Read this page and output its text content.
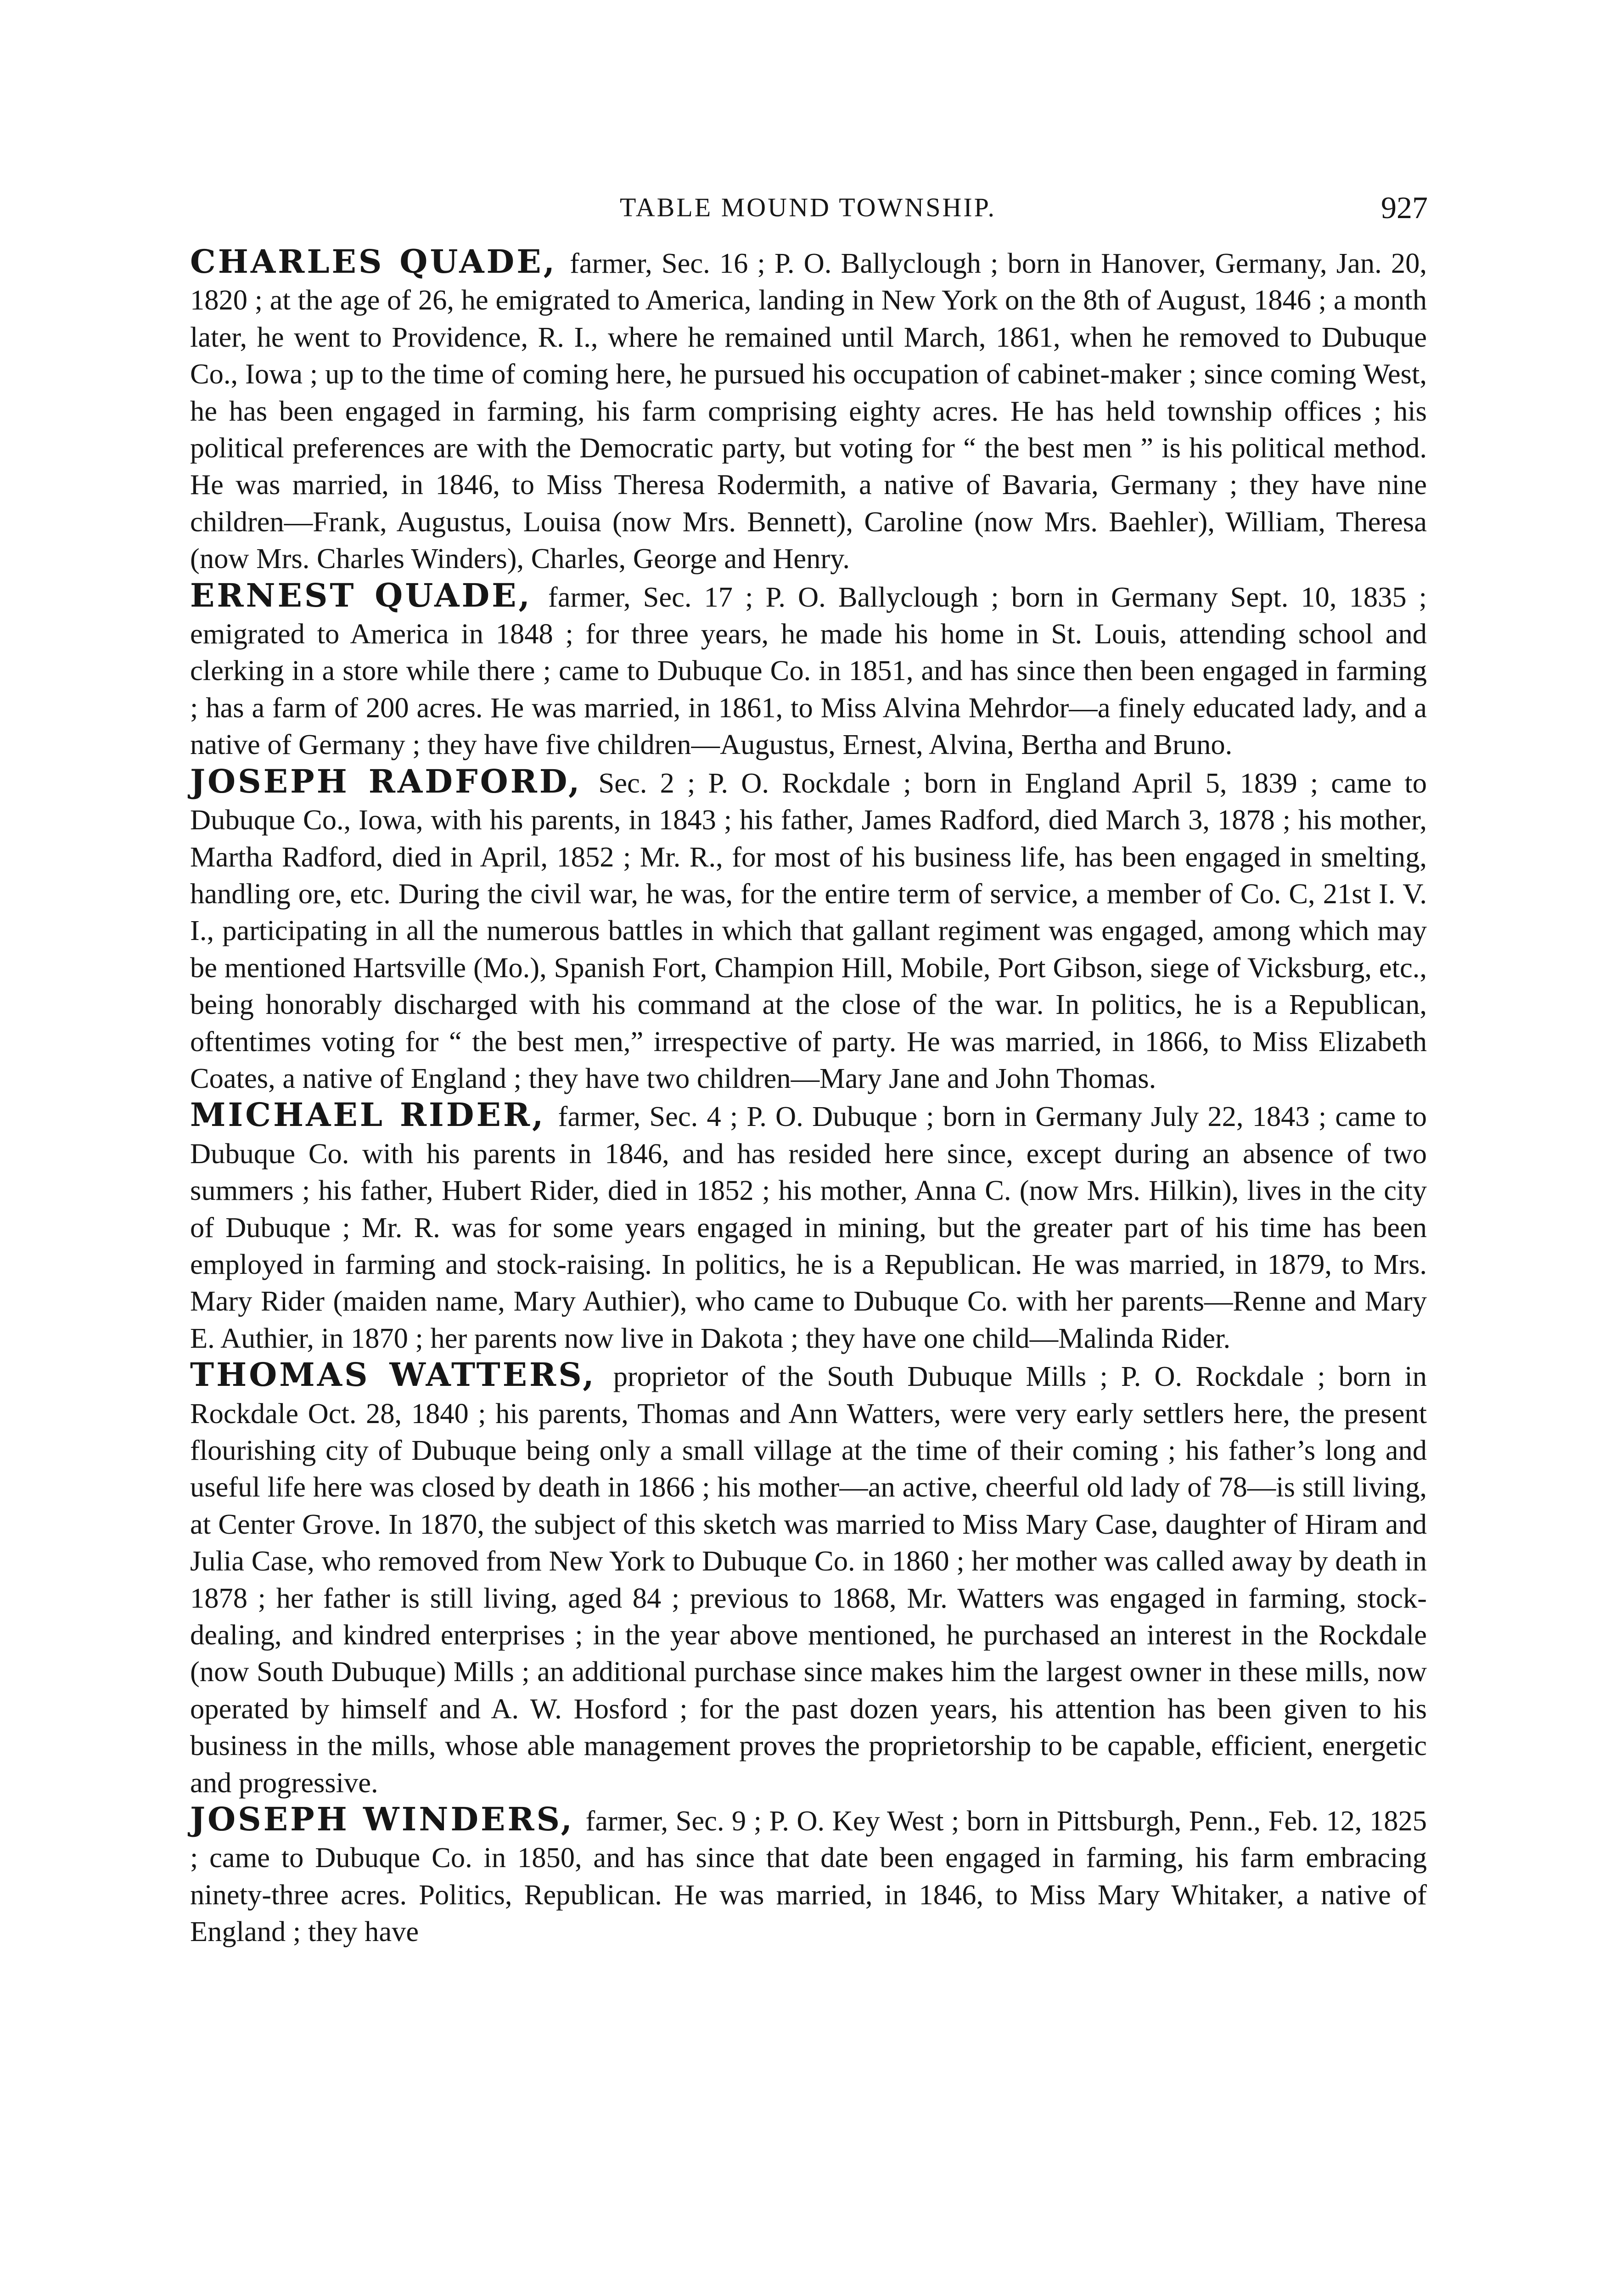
TABLE MOUND TOWNSHIP.	927

CHARLES QUADE, farmer, Sec. 16 ; P. O. Ballyclough ; born in Hanover, Germany, Jan. 20, 1820 ; at the age of 26, he emigrated to America, landing in New York on the 8th of August, 1846 ; a month later, he went to Providence, R. I., where he remained until March, 1861, when he removed to Dubuque Co., Iowa ; up to the time of coming here, he pursued his occupation of cabinet-maker ; since coming West, he has been engaged in farming, his farm comprising eighty acres. He has held township offices ; his political preferences are with the Democratic party, but voting for “ the best men ” is his political method. He was married, in 1846, to Miss Theresa Rodermith, a native of Bavaria, Germany ; they have nine children—Frank, Augustus, Louisa (now Mrs. Bennett), Caroline (now Mrs. Baehler), William, Theresa (now Mrs. Charles Winders), Charles, George and Henry.

ERNEST QUADE, farmer, Sec. 17 ; P. O. Ballyclough ; born in Germany Sept. 10, 1835 ; emigrated to America in 1848 ; for three years, he made his home in St. Louis, attending school and clerking in a store while there ; came to Dubuque Co. in 1851, and has since then been engaged in farming ; has a farm of 200 acres. He was married, in 1861, to Miss Alvina Mehrdor—a finely educated lady, and a native of Germany ; they have five children—Augustus, Ernest, Alvina, Bertha and Bruno.

JOSEPH RADFORD, Sec. 2 ; P. O. Rockdale ; born in England April 5, 1839 ; came to Dubuque Co., Iowa, with his parents, in 1843 ; his father, James Radford, died March 3, 1878 ; his mother, Martha Radford, died in April, 1852 ; Mr. R., for most of his business life, has been engaged in smelting, handling ore, etc. During the civil war, he was, for the entire term of service, a member of Co. C, 21st I. V. I., participating in all the numerous battles in which that gallant regiment was engaged, among which may be mentioned Hartsville (Mo.), Spanish Fort, Champion Hill, Mobile, Port Gibson, siege of Vicksburg, etc., being honorably discharged with his command at the close of the war. In politics, he is a Republican, oftentimes voting for “ the best men,” irrespective of party. He was married, in 1866, to Miss Elizabeth Coates, a native of England ; they have two children—Mary Jane and John Thomas.

MICHAEL RIDER, farmer, Sec. 4 ; P. O. Dubuque ; born in Germany July 22, 1843 ; came to Dubuque Co. with his parents in 1846, and has resided here since, except during an absence of two summers ; his father, Hubert Rider, died in 1852 ; his mother, Anna C. (now Mrs. Hilkin), lives in the city of Dubuque ; Mr. R. was for some years engaged in mining, but the greater part of his time has been employed in farming and stock-raising. In politics, he is a Republican. He was married, in 1879, to Mrs. Mary Rider (maiden name, Mary Authier), who came to Dubuque Co. with her parents—Renne and Mary E. Authier, in 1870 ; her parents now live in Dakota ; they have one child—Malinda Rider.

THOMAS WATTERS, proprietor of the South Dubuque Mills ; P. O. Rockdale ; born in Rockdale Oct. 28, 1840 ; his parents, Thomas and Ann Watters, were very early settlers here, the present flourishing city of Dubuque being only a small village at the time of their coming ; his father’s long and useful life here was closed by death in 1866 ; his mother—an active, cheerful old lady of 78—is still living, at Center Grove. In 1870, the subject of this sketch was married to Miss Mary Case, daughter of Hiram and Julia Case, who removed from New York to Dubuque Co. in 1860 ; her mother was called away by death in 1878 ; her father is still living, aged 84 ; previous to 1868, Mr. Watters was engaged in farming, stock-dealing, and kindred enterprises ; in the year above mentioned, he purchased an interest in the Rockdale (now South Dubuque) Mills ; an additional purchase since makes him the largest owner in these mills, now operated by himself and A. W. Hosford ; for the past dozen years, his attention has been given to his business in the mills, whose able management proves the proprietorship to be capable, efficient, energetic and progressive.

JOSEPH WINDERS, farmer, Sec. 9 ; P. O. Key West ; born in Pittsburgh, Penn., Feb. 12, 1825 ; came to Dubuque Co. in 1850, and has since that date been engaged in farming, his farm embracing ninety-three acres. Politics, Republican. He was married, in 1846, to Miss Mary Whitaker, a native of England ; they have
